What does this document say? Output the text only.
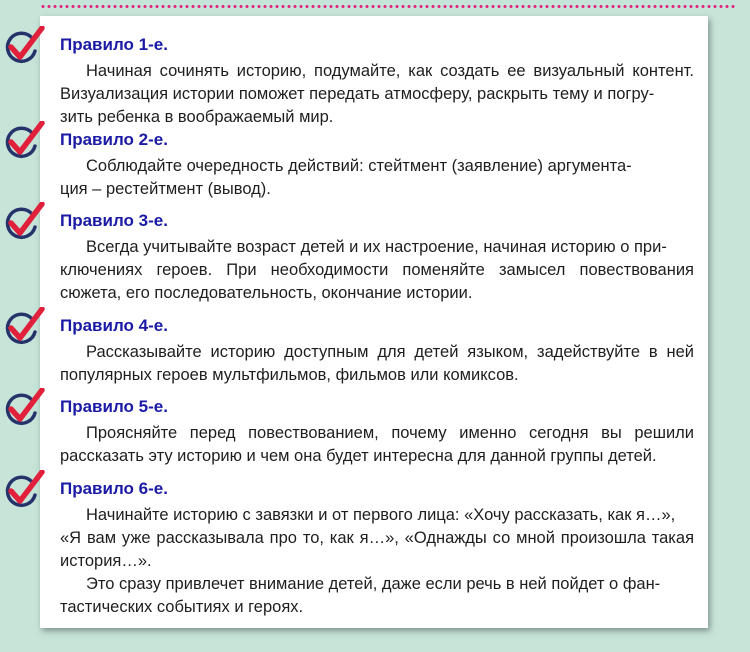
Правило 1-е.
Начиная сочинять историю, подумайте, как создать ее визуальный контент. Визуализация истории поможет передать атмосферу, раскрыть тему и погру-
зить ребенка в воображаемый мир.
Правило 2-е.
Соблюдайте очередность действий: стейтмент (заявление) аргумента-
ция – рестейтмент (вывод).
Правило 3-е.
Всегда учитывайте возраст детей и их настроение, начиная историю о при-
ключениях героев. При необходимости поменяйте замысел повествования сюжета, его последовательность, окончание истории.
Правило 4-е.
Рассказывайте историю доступным для детей языком, задействуйте в ней популярных героев мультфильмов, фильмов или комиксов.
Правило 5-е.
Проясняйте перед повествованием, почему именно сегодня вы решили рассказать эту историю и чем она будет интересна для данной группы детей.
Правило 6-е.
Начинайте историю с завязки и от первого лица: «Хочу рассказать, как я…»,
«Я вам уже рассказывала про то, как я…», «Однажды со мной произошла такая история…».
Это сразу привлечет внимание детей, даже если речь в ней пойдет о фан-
тастических событиях и героях.
